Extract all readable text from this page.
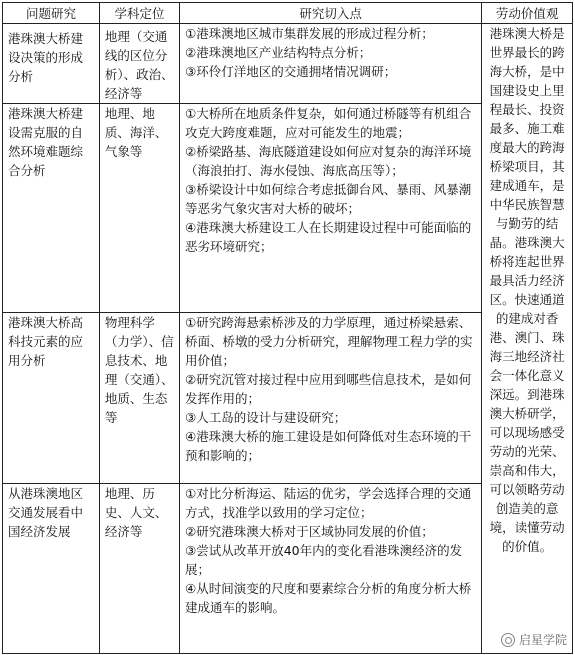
问题研究	学科定位	研究切入点	劳动价值观
港珠澳大桥建设决策的形成分析	地理（交通线的区位分析）、政治、经济等	①港珠澳地区城市集群发展的形成过程分析；

②港珠澳地区产业结构特点分析；

③环伶仃洋地区的交通拥堵情况调研；	港珠澳大桥是世界最长的跨海大桥，是中国建设史上里程最长、投资最多、施工难度最大的跨海桥梁项目，其建成通车，是中华民族智慧与勤劳的结晶。港珠澳大桥将连起世界最具活力经济区。快速通道的建成对香港、澳门、珠海三地经济社会一体化意义深远。到港珠澳大桥研学，可以现场感受劳动的光荣、崇高和伟大，可以领略劳动创造美的意境，读懂劳动的价值。
港珠澳大桥建设需克服的自然环境难题综合分析	地理、地质、海洋、气象等	①大桥所在地质条件复杂，如何通过桥隧等有机组合攻克大跨度难题，应对可能发生的地震；

②桥梁路基、海底隧道建设如何应对复杂的海洋环境（海浪拍打、海水侵蚀、海底高压等）；

③桥梁设计中如何综合考虑抵御台风、暴雨、风暴潮等恶劣气象灾害对大桥的破坏；

④港珠澳大桥建设工人在长期建设过程中可能面临的恶劣环境研究；	

港珠澳大桥高科技元素的应用分析	物理科学（力学）、信息技术、地理（交通）、地质、生态等	①研究跨海悬索桥涉及的力学原理，通过桥梁悬索、桥面、桥墩的受力分析研究，理解物理工程力学的实用价值；

②研究沉管对接过程中应用到哪些信息技术，是如何发挥作用的；

③人工岛的设计与建设研究；

④港珠澳大桥的施工建设是如何降低对生态环境的干预和影响的；	

从港珠澳地区交通发展看中国经济发展	地理、历史、人文、经济等	①对比分析海运、陆运的优劣，学会选择合理的交通方式，找准学以致用的学习定位；

②研究港珠澳大桥对于区域协同发展的价值；

③尝试从改革开放40年内的变化看港珠澳经济的发展；

④从时间演变的尺度和要素综合分析的角度分析大桥建成通车的影响。	

启星学院
